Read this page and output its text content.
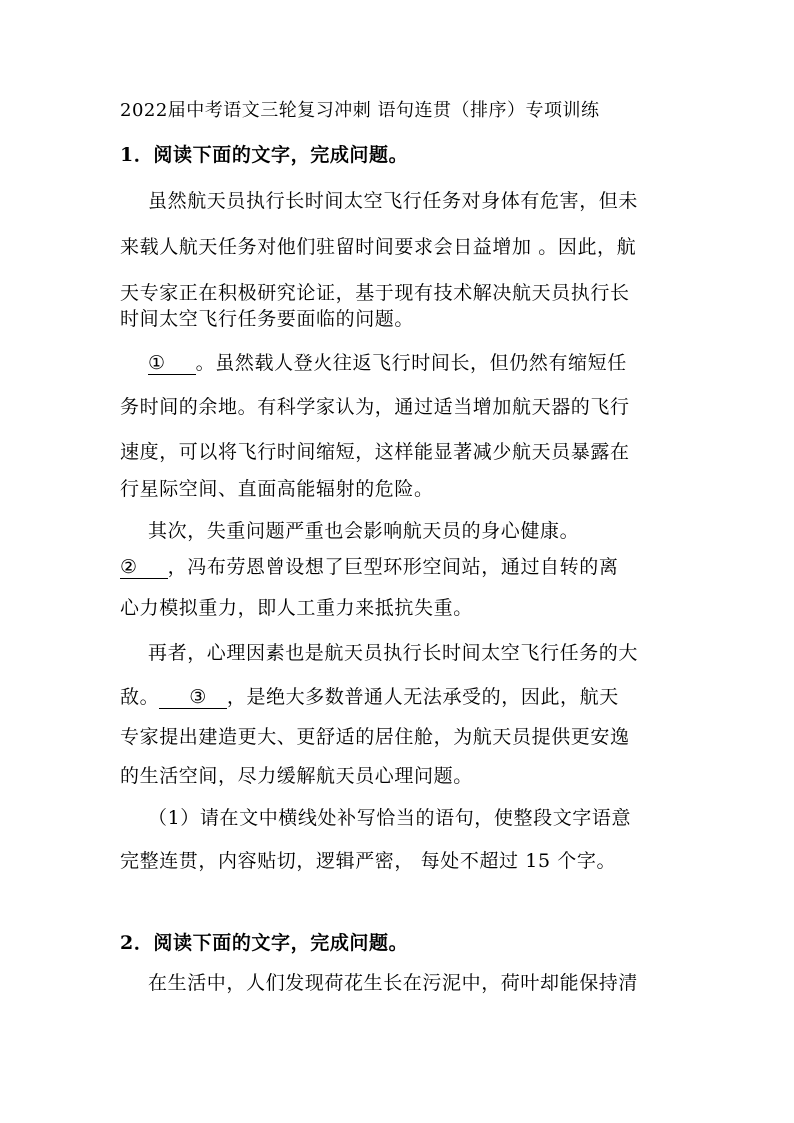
2022届中考语文三轮复习冲刺 语句连贯（排序）专项训练
1．阅读下面的文字，完成问题。
虽然航天员执行长时间太空飞行任务对身体有危害，但未
来载人航天任务对他们驻留时间要求会日益增加 。因此，航
天专家正在积极研究论证，基于现有技术解决航天员执行长
时间太空飞行任务要面临的问题。
① 。虽然载人登火往返飞行时间长，但仍然有缩短任
务时间的余地。有科学家认为，通过适当增加航天器的飞行
速度，可以将飞行时间缩短，这样能显著减少航天员暴露在
行星际空间、直面高能辐射的危险。
其次，失重问题严重也会影响航天员的身心健康。
② ，冯布劳恩曾设想了巨型环形空间站，通过自转的离
心力模拟重力，即人工重力来抵抗失重。
再者，心理因素也是航天员执行长时间太空飞行任务的大
敌。 ③ ，是绝大多数普通人无法承受的，因此，航天
专家提出建造更大、更舒适的居住舱，为航天员提供更安逸
的生活空间，尽力缓解航天员心理问题。
（1）请在文中横线处补写恰当的语句，使整段文字语意
完整连贯，内容贴切，逻辑严密， 每处不超过 15 个字。
2．阅读下面的文字，完成问题。
在生活中，人们发现荷花生长在污泥中，荷叶却能保持清
